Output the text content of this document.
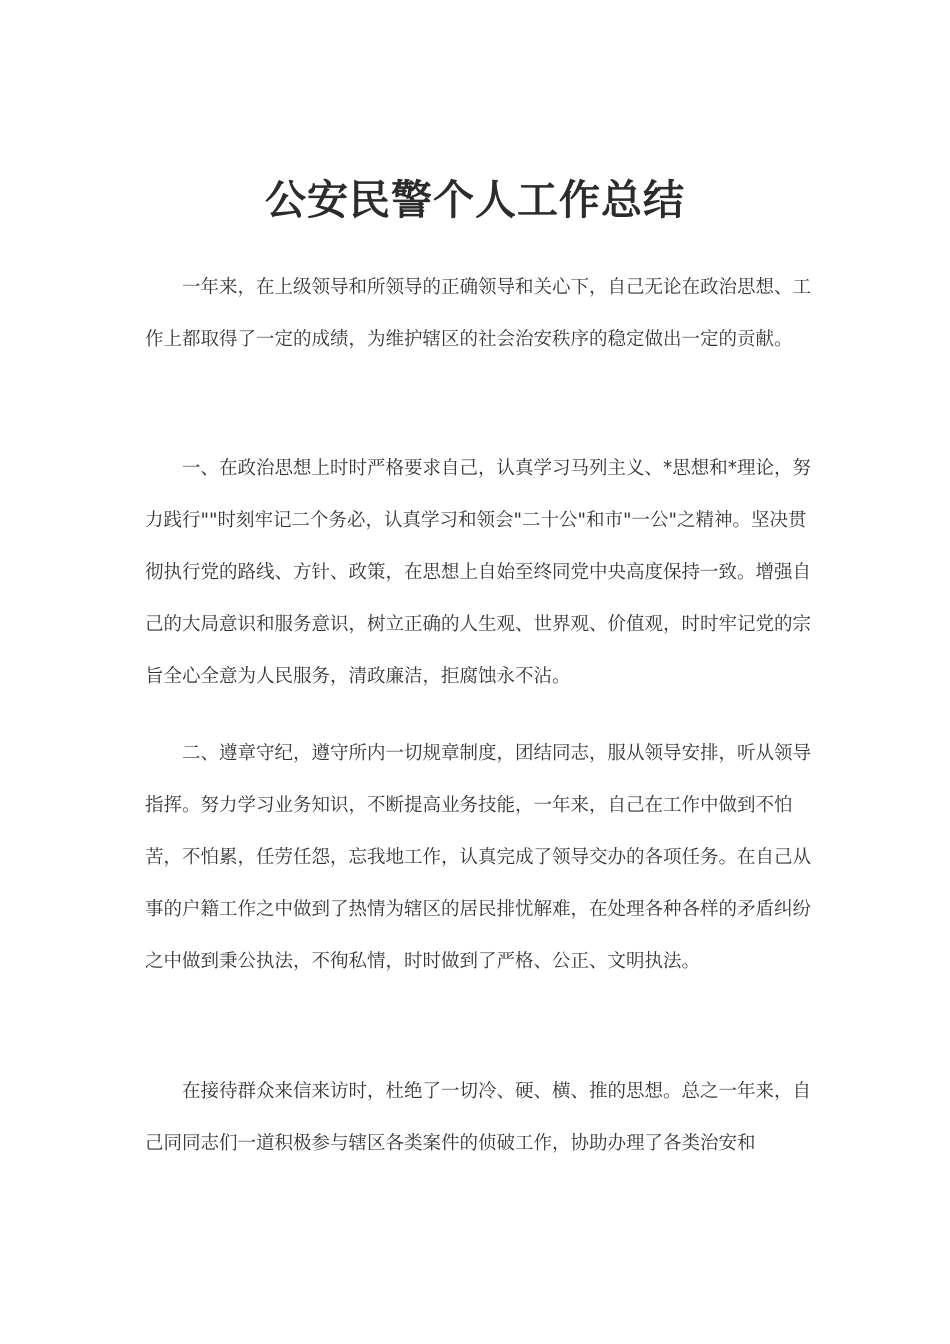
公安民警个人工作总结

一年来，在上级领导和所领导的正确领导和关心下，自己无论在政治思想、工作上都取得了一定的成绩，为维护辖区的社会治安秩序的稳定做出一定的贡献。

一、在政治思想上时时严格要求自己，认真学习马列主义、*思想和*理论，努力践行""时刻牢记二个务必，认真学习和领会"二十公"和市"一公"之精神。坚决贯彻执行党的路线、方针、政策，在思想上自始至终同党中央高度保持一致。增强自己的大局意识和服务意识，树立正确的人生观、世界观、价值观，时时牢记党的宗旨全心全意为人民服务，清政廉洁，拒腐蚀永不沾。

二、遵章守纪，遵守所内一切规章制度，团结同志，服从领导安排，听从领导指挥。努力学习业务知识，不断提高业务技能，一年来，自己在工作中做到不怕苦，不怕累，任劳任怨，忘我地工作，认真完成了领导交办的各项任务。在自己从事的户籍工作之中做到了热情为辖区的居民排忧解难，在处理各种各样的矛盾纠纷之中做到秉公执法，不徇私情，时时做到了严格、公正、文明执法。

在接待群众来信来访时，杜绝了一切冷、硬、横、推的思想。总之一年来，自己同同志们一道积极参与辖区各类案件的侦破工作，协助办理了各类治安和
